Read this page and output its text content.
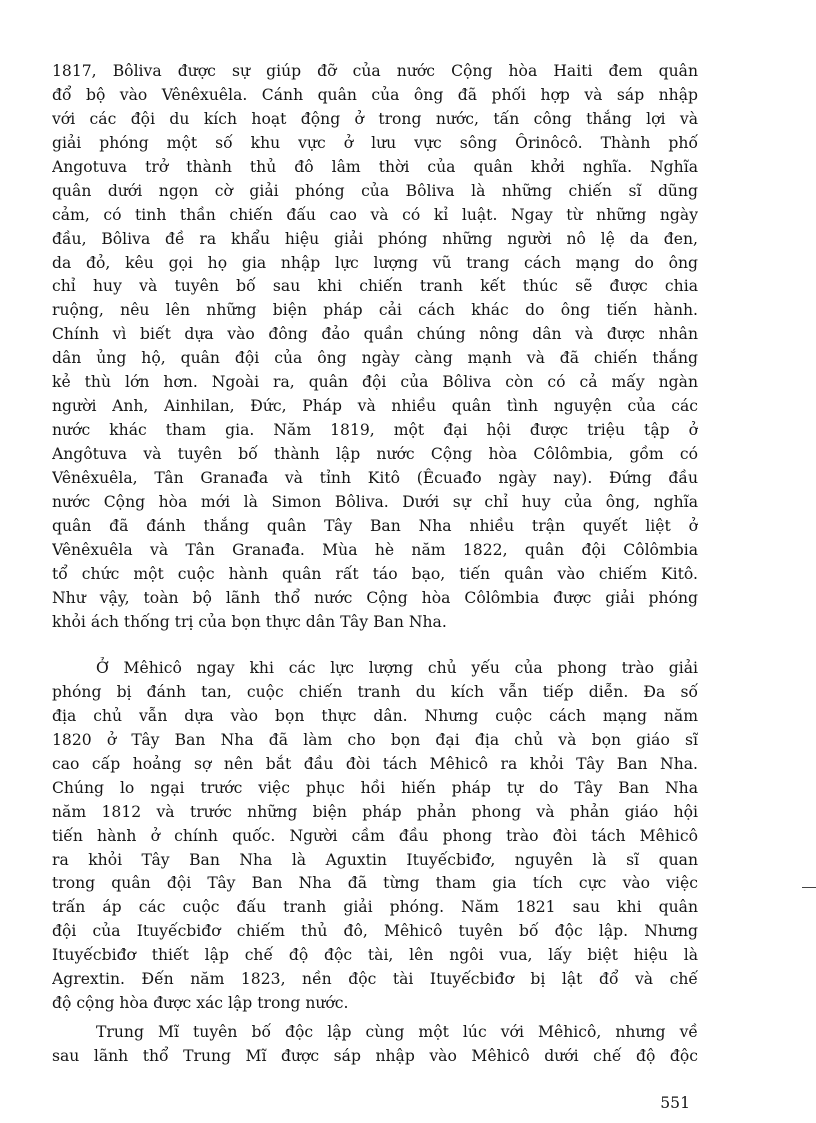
1817, Bôliva được sự giúp đỡ của nước Cộng hòa Haiti đem quân
đổ bộ vào Vênêxuêla. Cánh quân của ông đã phối hợp và sáp nhập
với các đội du kích hoạt động ở trong nước, tấn công thắng lợi và
giải phóng một số khu vực ở lưu vực sông Ôrinôcô. Thành phố
Angotuva trở thành thủ đô lâm thời của quân khởi nghĩa. Nghĩa
quân dưới ngọn cờ giải phóng của Bôliva là những chiến sĩ dũng
cảm, có tinh thần chiến đấu cao và có kỉ luật. Ngay từ những ngày
đầu, Bôliva đề ra khẩu hiệu giải phóng những người nô lệ da đen,
da đỏ, kêu gọi họ gia nhập lực lượng vũ trang cách mạng do ông
chỉ huy và tuyên bố sau khi chiến tranh kết thúc sẽ được chia
ruộng, nêu lên những biện pháp cải cách khác do ông tiến hành.
Chính vì biết dựa vào đông đảo quần chúng nông dân và được nhân
dân ủng hộ, quân đội của ông ngày càng mạnh và đã chiến thắng
kẻ thù lớn hơn. Ngoài ra, quân đội của Bôliva còn có cả mấy ngàn
người Anh, Ainhilan, Đức, Pháp và nhiều quân tình nguyện của các
nước khác tham gia. Năm 1819, một đại hội được triệu tập ở
Angôtuva và tuyên bố thành lập nước Cộng hòa Côlômbia, gồm có
Vênêxuêla, Tân Granađa và tỉnh Kitô (Êcuađo ngày nay). Đứng đầu
nước Cộng hòa mới là Simon Bôliva. Dưới sự chỉ huy của ông, nghĩa
quân đã đánh thắng quân Tây Ban Nha nhiều trận quyết liệt ở
Vênêxuêla và Tân Granađa. Mùa hè năm 1822, quân đội Côlômbia
tổ chức một cuộc hành quân rất táo bạo, tiến quân vào chiếm Kitô.
Như vậy, toàn bộ lãnh thổ nước Cộng hòa Côlômbia được giải phóng
khỏi ách thống trị của bọn thực dân Tây Ban Nha.
Ở Mêhicô ngay khi các lực lượng chủ yếu của phong trào giải
phóng bị đánh tan, cuộc chiến tranh du kích vẫn tiếp diễn. Đa số
địa chủ vẫn dựa vào bọn thực dân. Nhưng cuộc cách mạng năm
1820 ở Tây Ban Nha đã làm cho bọn đại địa chủ và bọn giáo sĩ
cao cấp hoảng sợ nên bắt đầu đòi tách Mêhicô ra khỏi Tây Ban Nha.
Chúng lo ngại trước việc phục hồi hiến pháp tự do Tây Ban Nha
năm 1812 và trước những biện pháp phản phong và phản giáo hội
tiến hành ở chính quốc. Người cầm đầu phong trào đòi tách Mêhicô
ra khỏi Tây Ban Nha là Aguxtin Ituyếcbiđơ, nguyên là sĩ quan
trong quân đội Tây Ban Nha đã từng tham gia tích cực vào việc
trấn áp các cuộc đấu tranh giải phóng. Năm 1821 sau khi quân
đội của Ituyếcbiđơ chiếm thủ đô, Mêhicô tuyên bố độc lập. Nhưng
Ituyếcbiđơ thiết lập chế độ độc tài, lên ngôi vua, lấy biệt hiệu là
Agrextin. Đến năm 1823, nền độc tài Ituyếcbiđơ bị lật đổ và chế
độ cộng hòa được xác lập trong nước.
Trung Mĩ tuyên bố độc lập cùng một lúc với Mêhicô, nhưng về
sau lãnh thổ Trung Mĩ được sáp nhập vào Mêhicô dưới chế độ độc
551
